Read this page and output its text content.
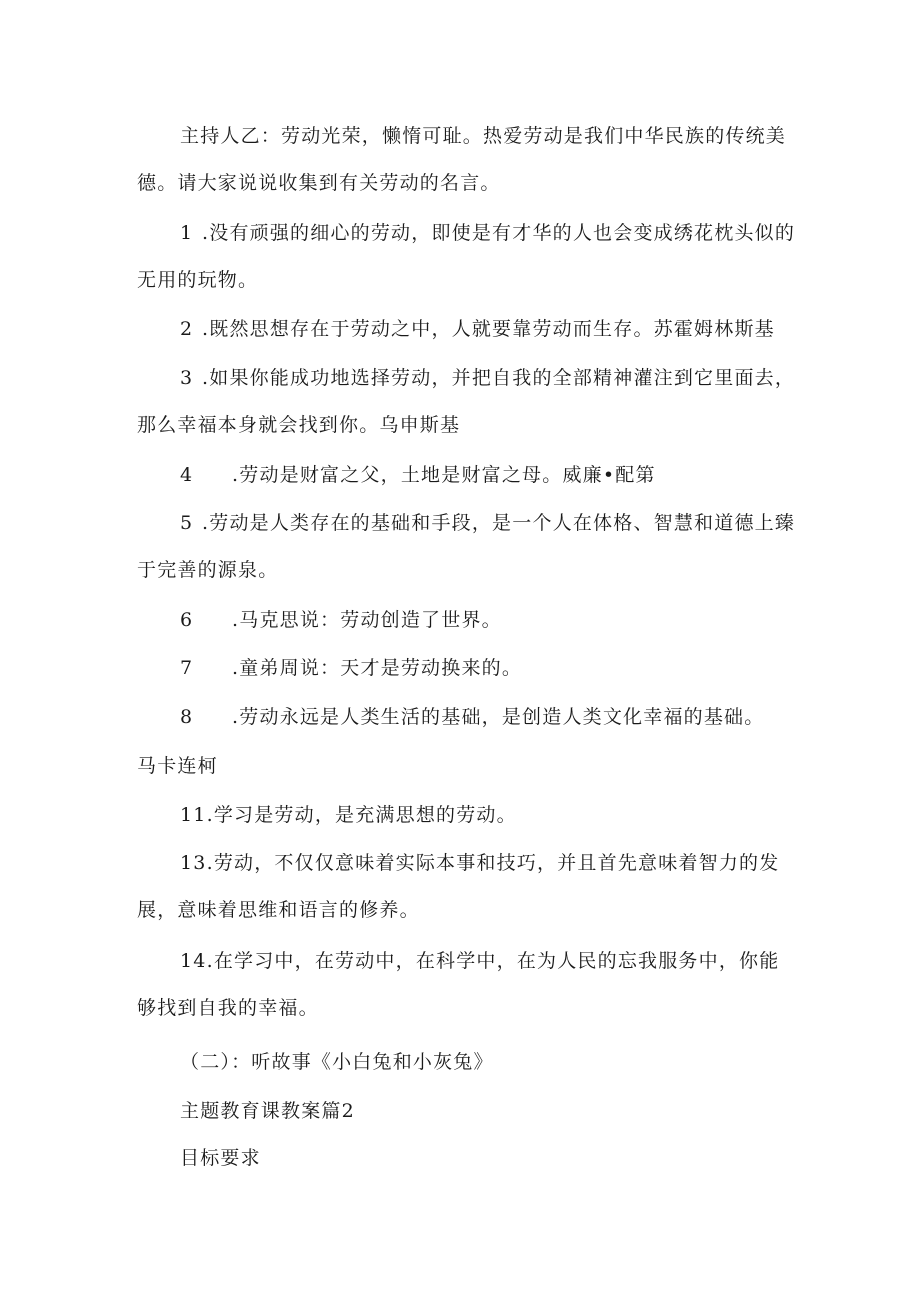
主持人乙：劳动光荣，懒惰可耻。热爱劳动是我们中华民族的传统美

德。请大家说说收集到有关劳动的名言。

1 .没有顽强的细心的劳动，即使是有才华的人也会变成绣花枕头似的

无用的玩物。

2 .既然思想存在于劳动之中，人就要靠劳动而生存。苏霍姆林斯基

3 .如果你能成功地选择劳动，并把自我的全部精神灌注到它里面去，

那么幸福本身就会找到你。乌申斯基

4 .劳动是财富之父，土地是财富之母。威廉•配第

5 .劳动是人类存在的基础和手段，是一个人在体格、智慧和道德上臻

于完善的源泉。

6 .马克思说：劳动创造了世界。

7 .童弟周说：天才是劳动换来的。

8 .劳动永远是人类生活的基础，是创造人类文化幸福的基础。

马卡连柯

11.学习是劳动，是充满思想的劳动。

13.劳动，不仅仅意味着实际本事和技巧，并且首先意味着智力的发

展，意味着思维和语言的修养。

14.在学习中，在劳动中，在科学中，在为人民的忘我服务中，你能

够找到自我的幸福。

（二）：听故事《小白兔和小灰兔》

主题教育课教案篇2

目标要求
